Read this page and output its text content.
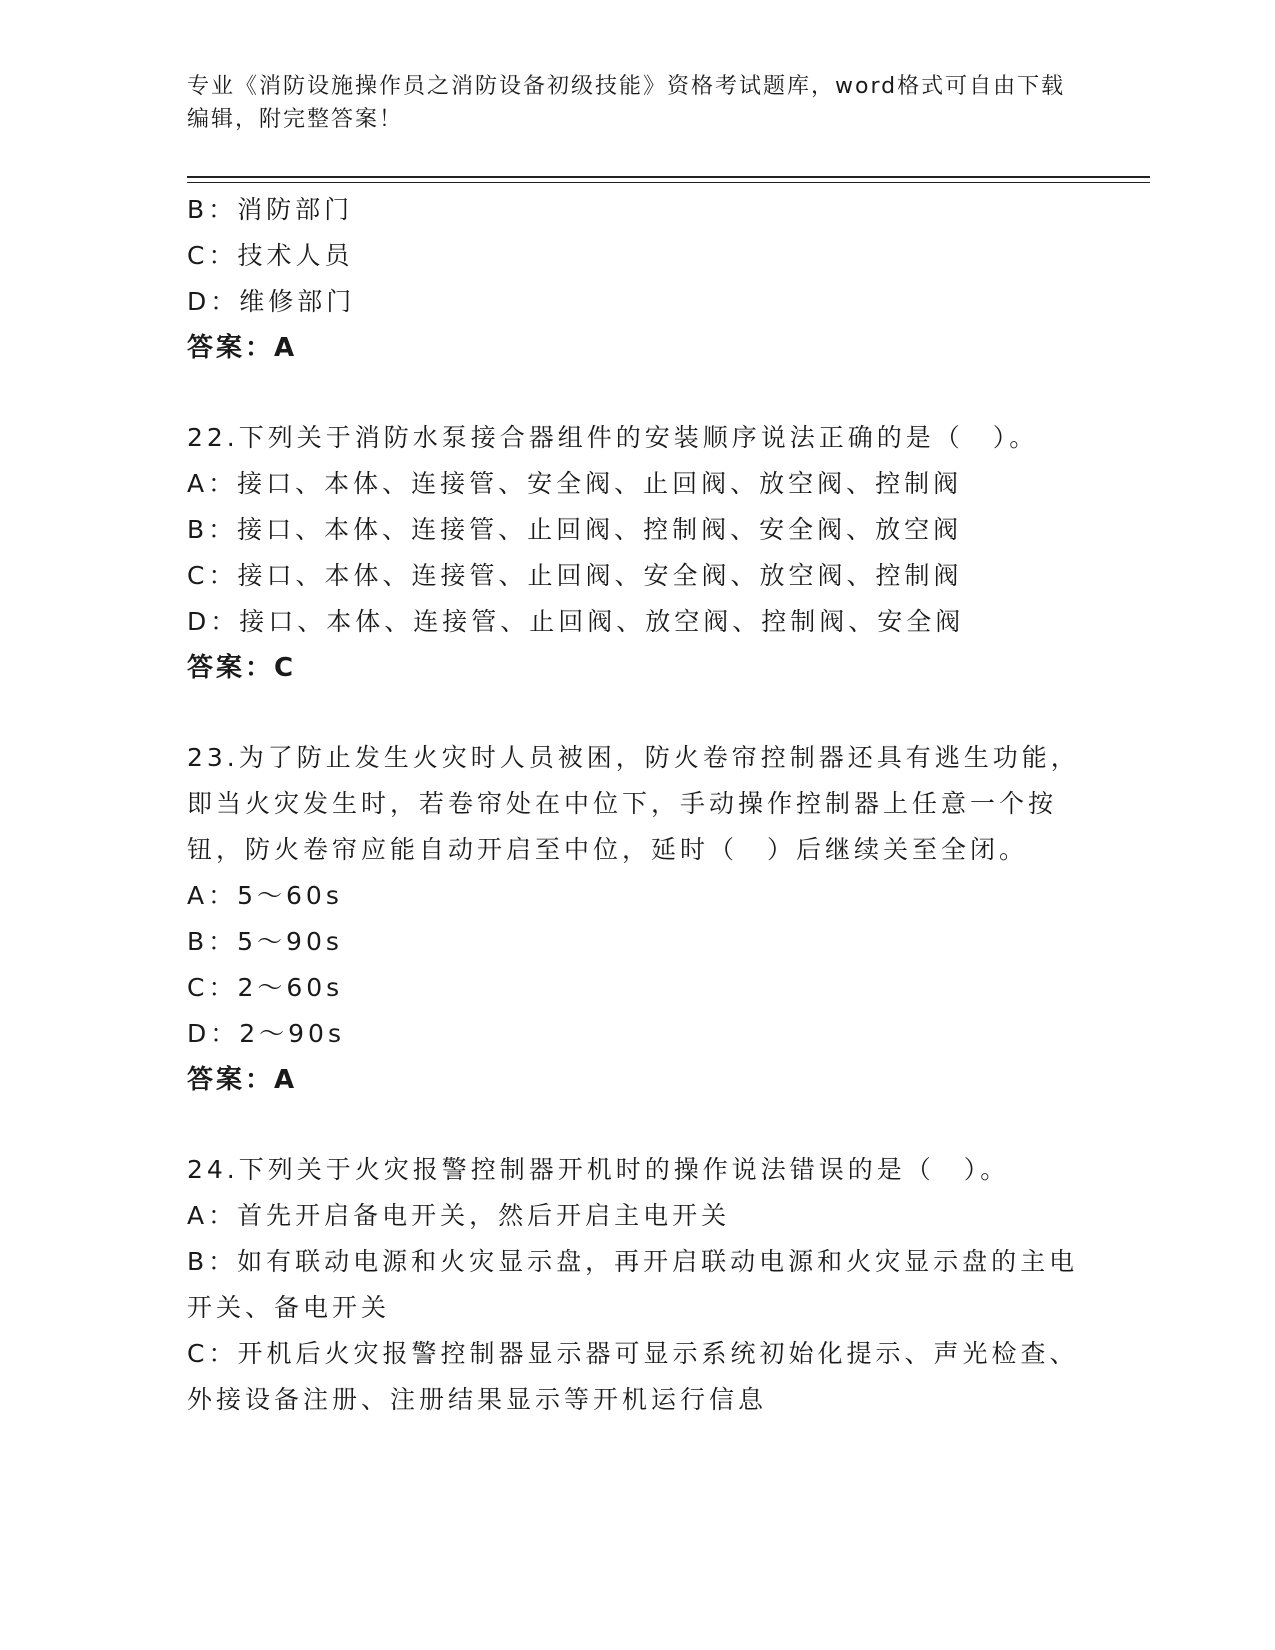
专业《消防设施操作员之消防设备初级技能》资格考试题库，word格式可自由下载编辑，附完整答案！
B：消防部门
C：技术人员
D：维修部门
答案：A
22.下列关于消防水泵接合器组件的安装顺序说法正确的是（　）。
A：接口、本体、连接管、安全阀、止回阀、放空阀、控制阀
B：接口、本体、连接管、止回阀、控制阀、安全阀、放空阀
C：接口、本体、连接管、止回阀、安全阀、放空阀、控制阀
D：接口、本体、连接管、止回阀、放空阀、控制阀、安全阀
答案：C
23.为了防止发生火灾时人员被困，防火卷帘控制器还具有逃生功能，
即当火灾发生时，若卷帘处在中位下，手动操作控制器上任意一个按
钮，防火卷帘应能自动开启至中位，延时（　）后继续关至全闭。
A：5～60s
B：5～90s
C：2～60s
D：2～90s
答案：A
24.下列关于火灾报警控制器开机时的操作说法错误的是（　）。
A：首先开启备电开关，然后开启主电开关
B：如有联动电源和火灾显示盘，再开启联动电源和火灾显示盘的主电
开关、备电开关
C：开机后火灾报警控制器显示器可显示系统初始化提示、声光检查、
外接设备注册、注册结果显示等开机运行信息
